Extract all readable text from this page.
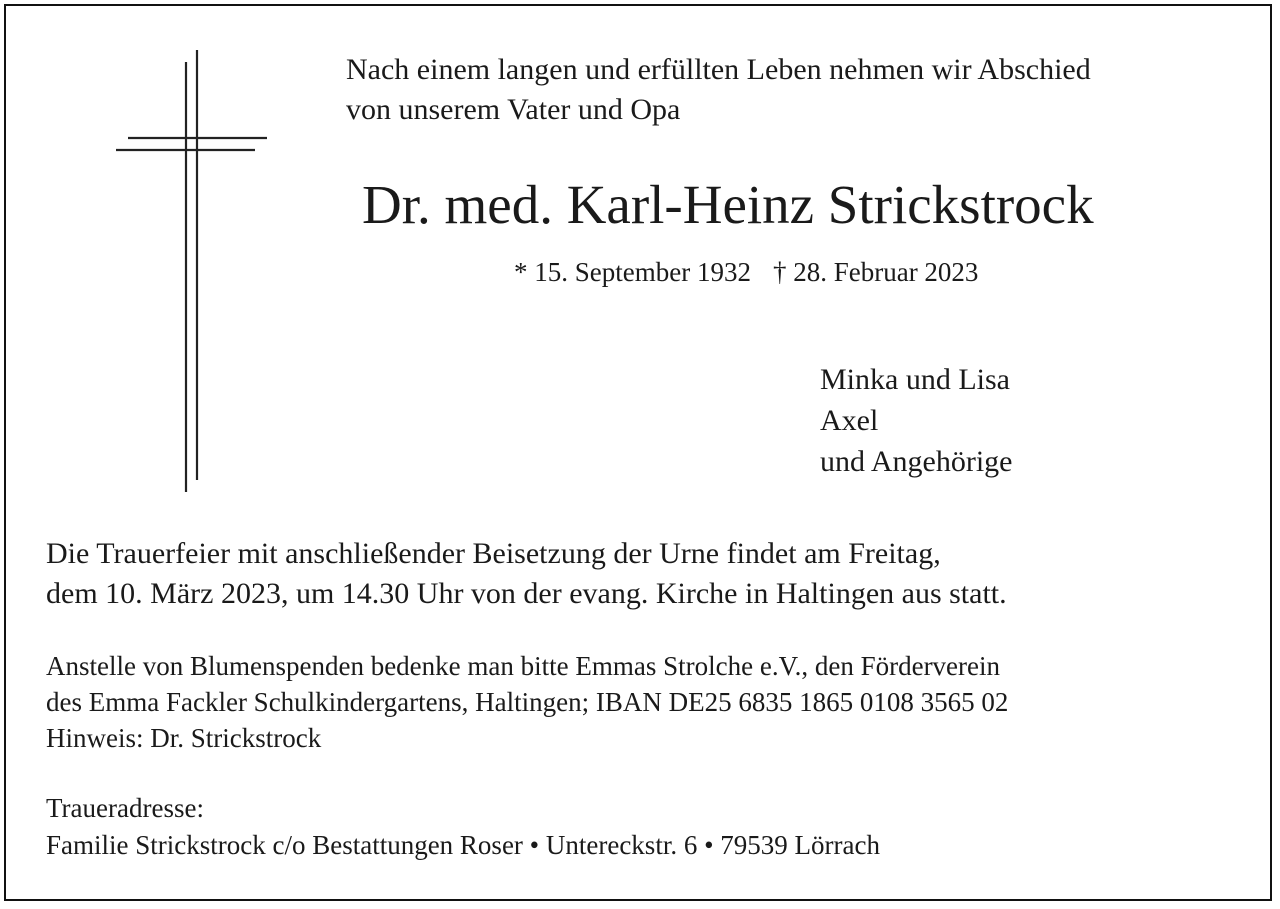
Nach einem langen und erfüllten Leben nehmen wir Abschied
von unserem Vater und Opa
Dr. med. Karl-Heinz Strickstrock
* 15. September 1932 † 28. Februar 2023
Minka und Lisa
Axel
und Angehörige
Die Trauerfeier mit anschließender Beisetzung der Urne findet am Freitag,
dem 10. März 2023, um 14.30 Uhr von der evang. Kirche in Haltingen aus statt.
Anstelle von Blumenspenden bedenke man bitte Emmas Strolche e.V., den Förderverein
des Emma Fackler Schulkindergartens, Haltingen; IBAN DE25 6835 1865 0108 3565 02
Hinweis: Dr. Strickstrock
Traueradresse:
Familie Strickstrock c/o Bestattungen Roser • Untereckstr. 6 • 79539 Lörrach
